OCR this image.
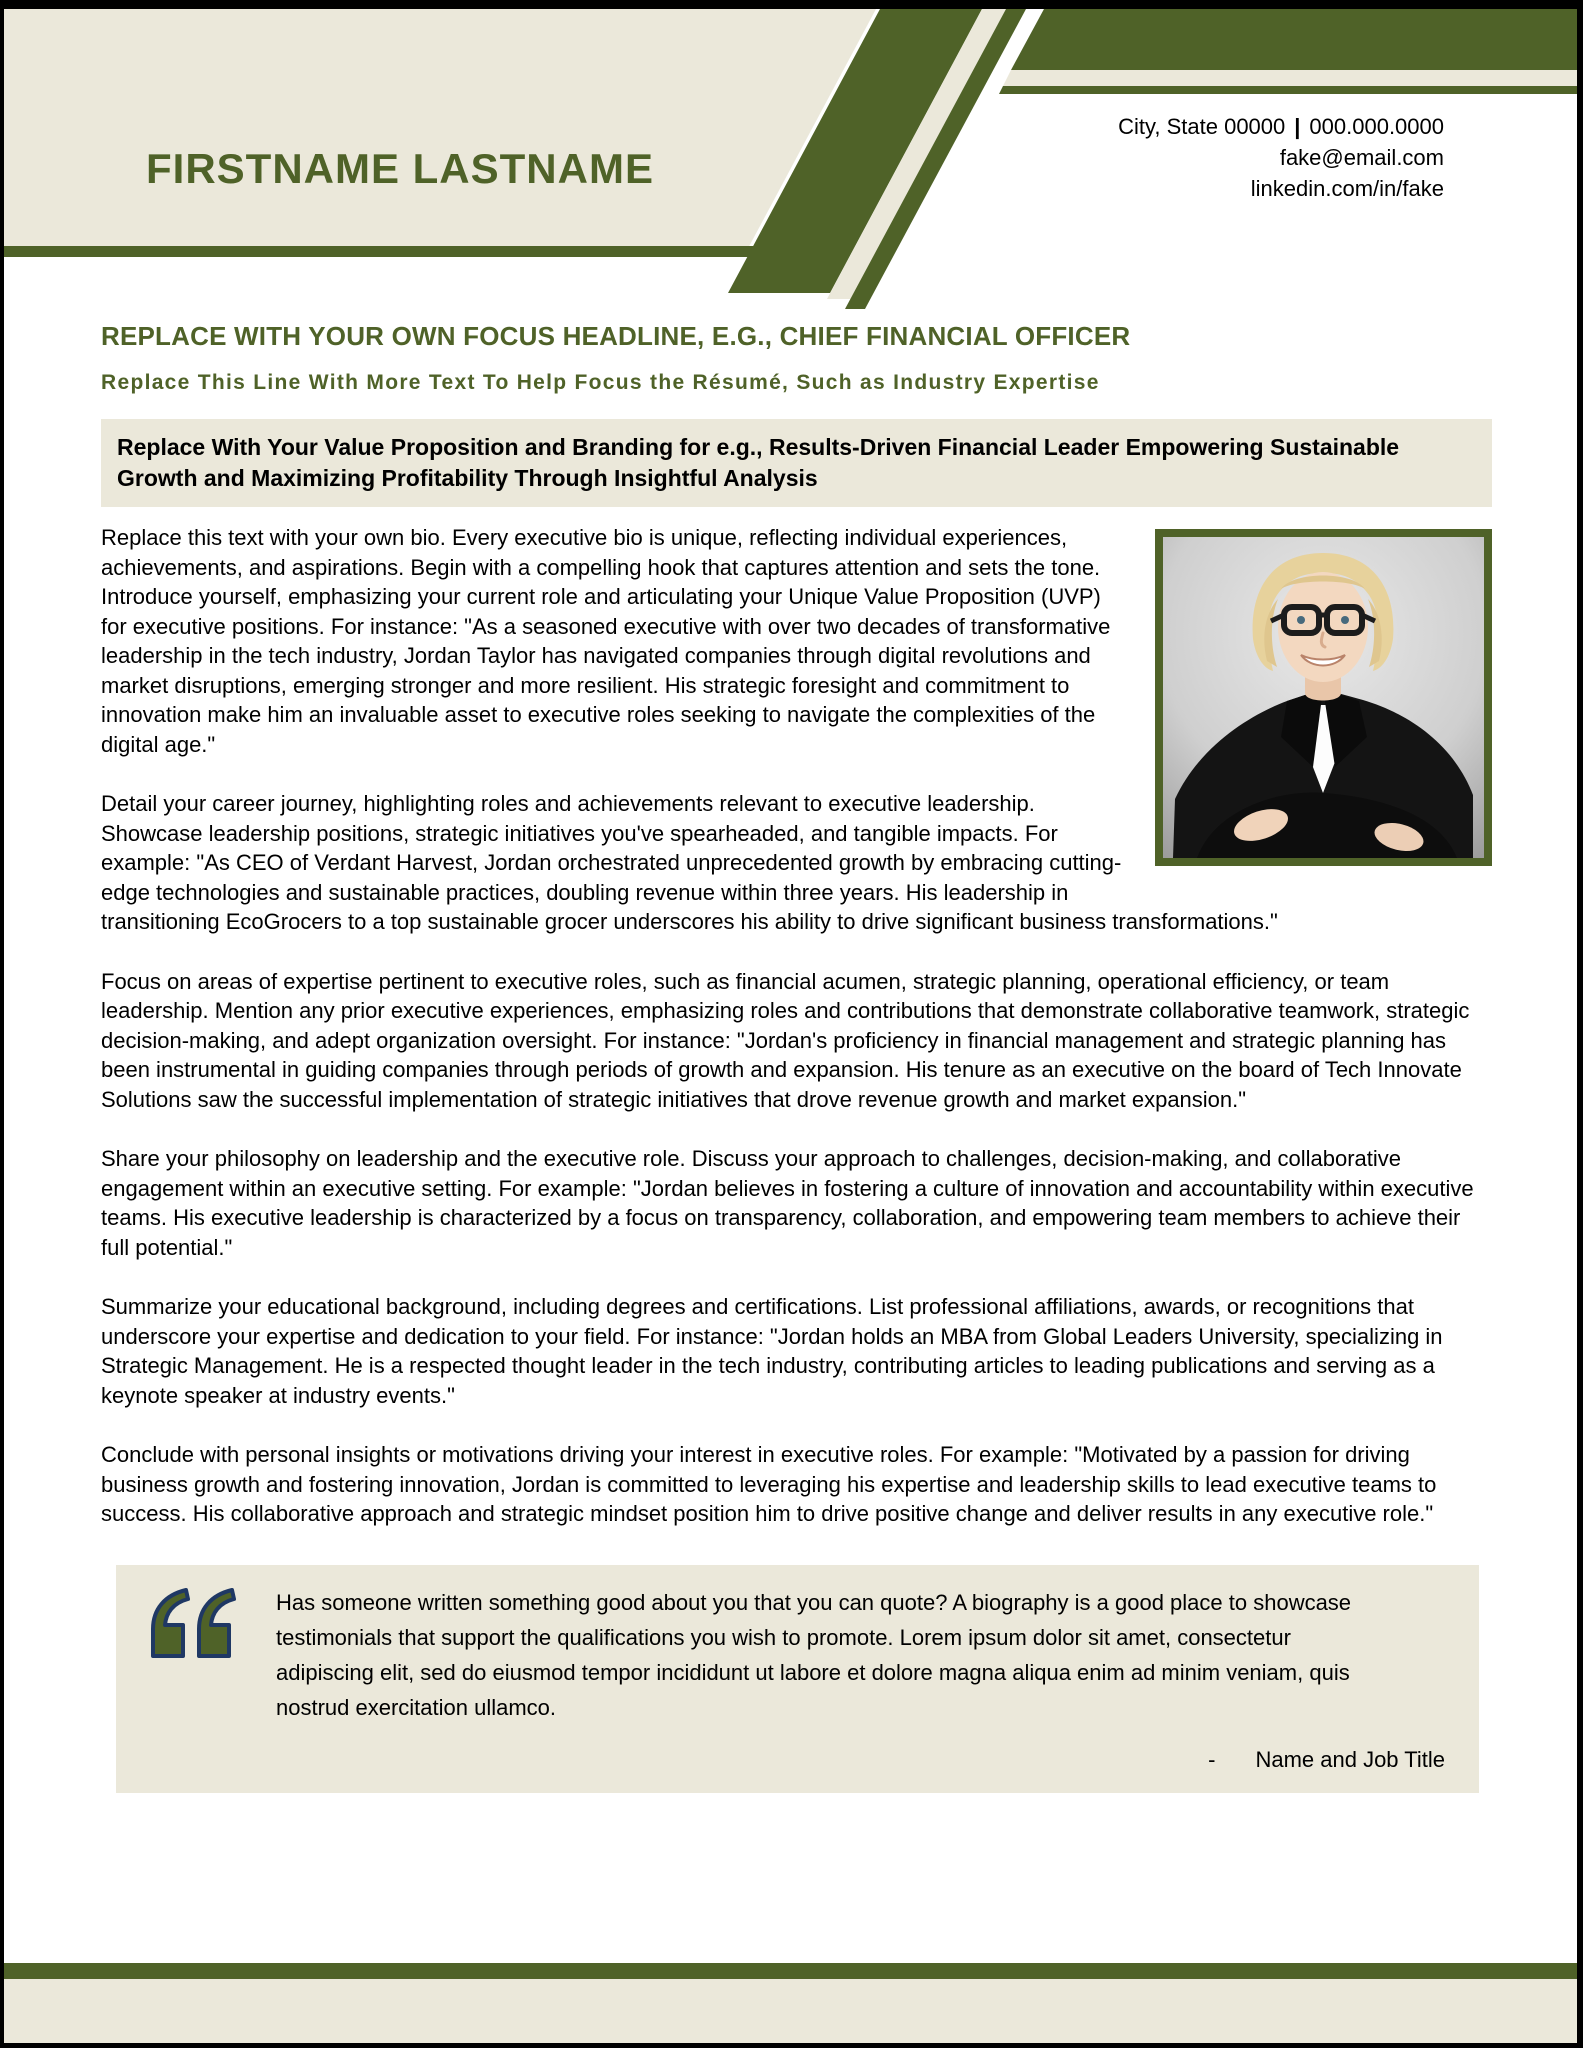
FIRSTNAME LASTNAME
City, State 00000 | 000.000.0000
fake@email.com
linkedin.com/in/fake
REPLACE WITH YOUR OWN FOCUS HEADLINE, E.G., CHIEF FINANCIAL OFFICER
Replace This Line With More Text To Help Focus the Résumé, Such as Industry Expertise
Replace With Your Value Proposition and Branding for e.g., Results-Driven Financial Leader Empowering Sustainable Growth and Maximizing Profitability Through Insightful Analysis

Replace this text with your own bio. Every executive bio is unique, reflecting individual experiences, achievements, and aspirations. Begin with a compelling hook that captures attention and sets the tone. Introduce yourself, emphasizing your current role and articulating your Unique Value Proposition (UVP) for executive positions. For instance: "As a seasoned executive with over two decades of transformative leadership in the tech industry, Jordan Taylor has navigated companies through digital revolutions and market disruptions, emerging stronger and more resilient. His strategic foresight and commitment to innovation make him an invaluable asset to executive roles seeking to navigate the complexities of the digital age."

Detail your career journey, highlighting roles and achievements relevant to executive leadership. Showcase leadership positions, strategic initiatives you've spearheaded, and tangible impacts. For example: "As CEO of Verdant Harvest, Jordan orchestrated unprecedented growth by embracing cutting-edge technologies and sustainable practices, doubling revenue within three years. His leadership in transitioning EcoGrocers to a top sustainable grocer underscores his ability to drive significant business transformations."

Focus on areas of expertise pertinent to executive roles, such as financial acumen, strategic planning, operational efficiency, or team leadership. Mention any prior executive experiences, emphasizing roles and contributions that demonstrate collaborative teamwork, strategic decision-making, and adept organization oversight. For instance: "Jordan's proficiency in financial management and strategic planning has been instrumental in guiding companies through periods of growth and expansion. His tenure as an executive on the board of Tech Innovate Solutions saw the successful implementation of strategic initiatives that drove revenue growth and market expansion."

Share your philosophy on leadership and the executive role. Discuss your approach to challenges, decision-making, and collaborative engagement within an executive setting. For example: "Jordan believes in fostering a culture of innovation and accountability within executive teams. His executive leadership is characterized by a focus on transparency, collaboration, and empowering team members to achieve their full potential."

Summarize your educational background, including degrees and certifications. List professional affiliations, awards, or recognitions that underscore your expertise and dedication to your field. For instance: "Jordan holds an MBA from Global Leaders University, specializing in Strategic Management. He is a respected thought leader in the tech industry, contributing articles to leading publications and serving as a keynote speaker at industry events."

Conclude with personal insights or motivations driving your interest in executive roles. For example: "Motivated by a passion for driving business growth and fostering innovation, Jordan is committed to leveraging his expertise and leadership skills to lead executive teams to success. His collaborative approach and strategic mindset position him to drive positive change and deliver results in any executive role."

Has someone written something good about you that you can quote? A biography is a good place to showcase testimonials that support the qualifications you wish to promote. Lorem ipsum dolor sit amet, consectetur adipiscing elit, sed do eiusmod tempor incididunt ut labore et dolore magna aliqua enim ad minim veniam, quis nostrud exercitation ullamco.
- Name and Job Title
